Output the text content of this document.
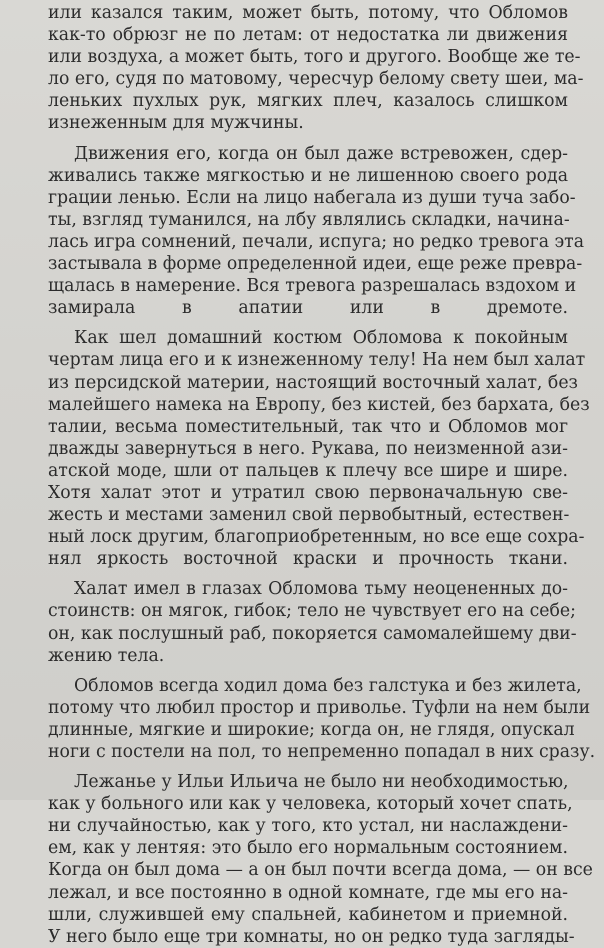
или казался таким, может быть, потому, что Обломов
как-то обрюзг не по летам: от недостатка ли движения
или воздуха, а может быть, того и другого. Вообще же те-
ло его, судя по матовому, чересчур белому свету шеи, ма-
леньких пухлых рук, мягких плеч, казалось слишком
изнеженным для мужчины.
Движения его, когда он был даже встревожен, сдер-
живались также мягкостью и не лишенною своего рода
грации ленью. Если на лицо набегала из души туча забо-
ты, взгляд туманился, на лбу являлись складки, начина-
лась игра сомнений, печали, испуга; но редко тревога эта
застывала в форме определенной идеи, еще реже превра-
щалась в намерение. Вся тревога разрешалась вздохом и
замирала в апатии или в дремоте.
Как шел домашний костюм Обломова к покойным
чертам лица его и к изнеженному телу! На нем был халат
из персидской материи, настоящий восточный халат, без
малейшего намека на Европу, без кистей, без бархата, без
талии, весьма поместительный, так что и Обломов мог
дважды завернуться в него. Рукава, по неизменной ази-
атской моде, шли от пальцев к плечу все шире и шире.
Хотя халат этот и утратил свою первоначальную све-
жесть и местами заменил свой первобытный, естествен-
ный лоск другим, благоприобретенным, но все еще сохра-
нял яркость восточной краски и прочность ткани.
Халат имел в глазах Обломова тьму неоцененных до-
стоинств: он мягок, гибок; тело не чувствует его на себе;
он, как послушный раб, покоряется самомалейшему дви-
жению тела.
Обломов всегда ходил дома без галстука и без жилета,
потому что любил простор и приволье. Туфли на нем были
длинные, мягкие и широкие; когда он, не глядя, опускал
ноги с постели на пол, то непременно попадал в них сразу.
Лежанье у Ильи Ильича не было ни необходимостью,
как у больного или как у человека, который хочет спать,
ни случайностью, как у того, кто устал, ни наслаждени-
ем, как у лентяя: это было его нормальным состоянием.
Когда он был дома — а он был почти всегда дома, — он все
лежал, и все постоянно в одной комнате, где мы его на-
шли, служившей ему спальней, кабинетом и приемной.
У него было еще три комнаты, но он редко туда загляды-
